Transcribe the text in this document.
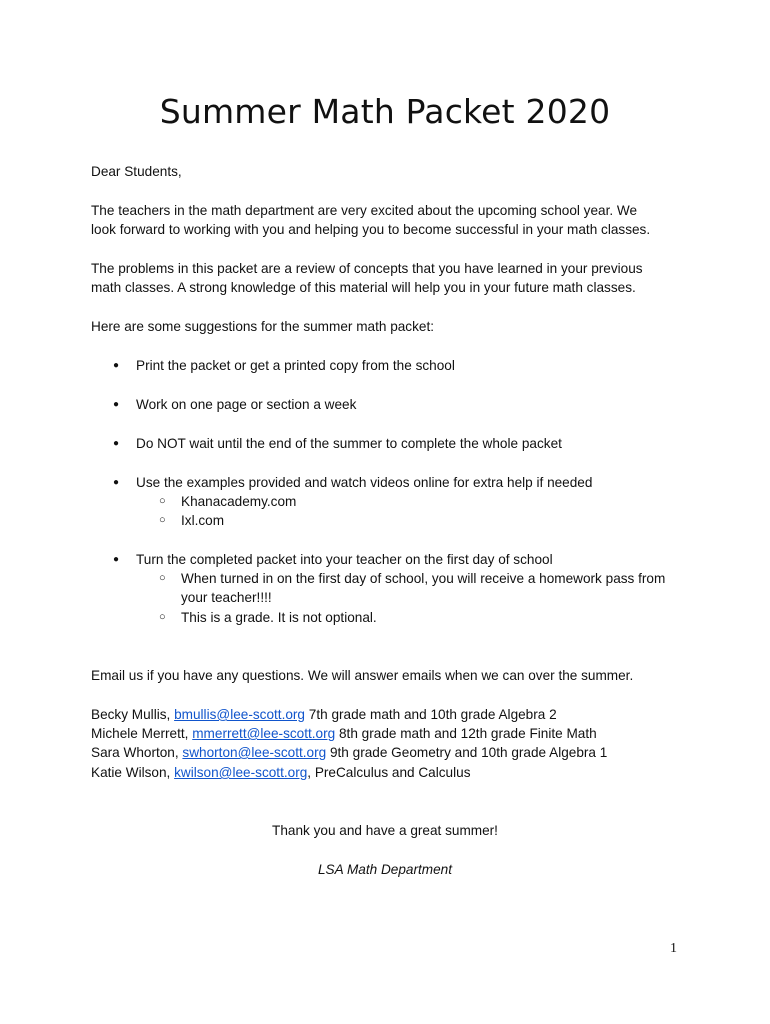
Summer Math Packet 2020
Dear Students,
The teachers in the math department are very excited about the upcoming school year. We
look forward to working with you and helping you to become successful in your math classes.
The problems in this packet are a review of concepts that you have learned in your previous
math classes. A strong knowledge of this material will help you in your future math classes.
Here are some suggestions for the summer math packet:
● Print the packet or get a printed copy from the school
● Work on one page or section a week
● Do NOT wait until the end of the summer to complete the whole packet
● Use the examples provided and watch videos online for extra help if needed
○ Khanacademy.com
○ Ixl.com
● Turn the completed packet into your teacher on the first day of school
○ When turned in on the first day of school, you will receive a homework pass from
your teacher!!!!
○ This is a grade. It is not optional.
Email us if you have any questions. We will answer emails when we can over the summer.
Becky Mullis, bmullis@lee-scott.org 7th grade math and 10th grade Algebra 2
Michele Merrett, mmerrett@lee-scott.org 8th grade math and 12th grade Finite Math
Sara Whorton, swhorton@lee-scott.org 9th grade Geometry and 10th grade Algebra 1
Katie Wilson, kwilson@lee-scott.org, PreCalculus and Calculus
Thank you and have a great summer!
LSA Math Department
1
